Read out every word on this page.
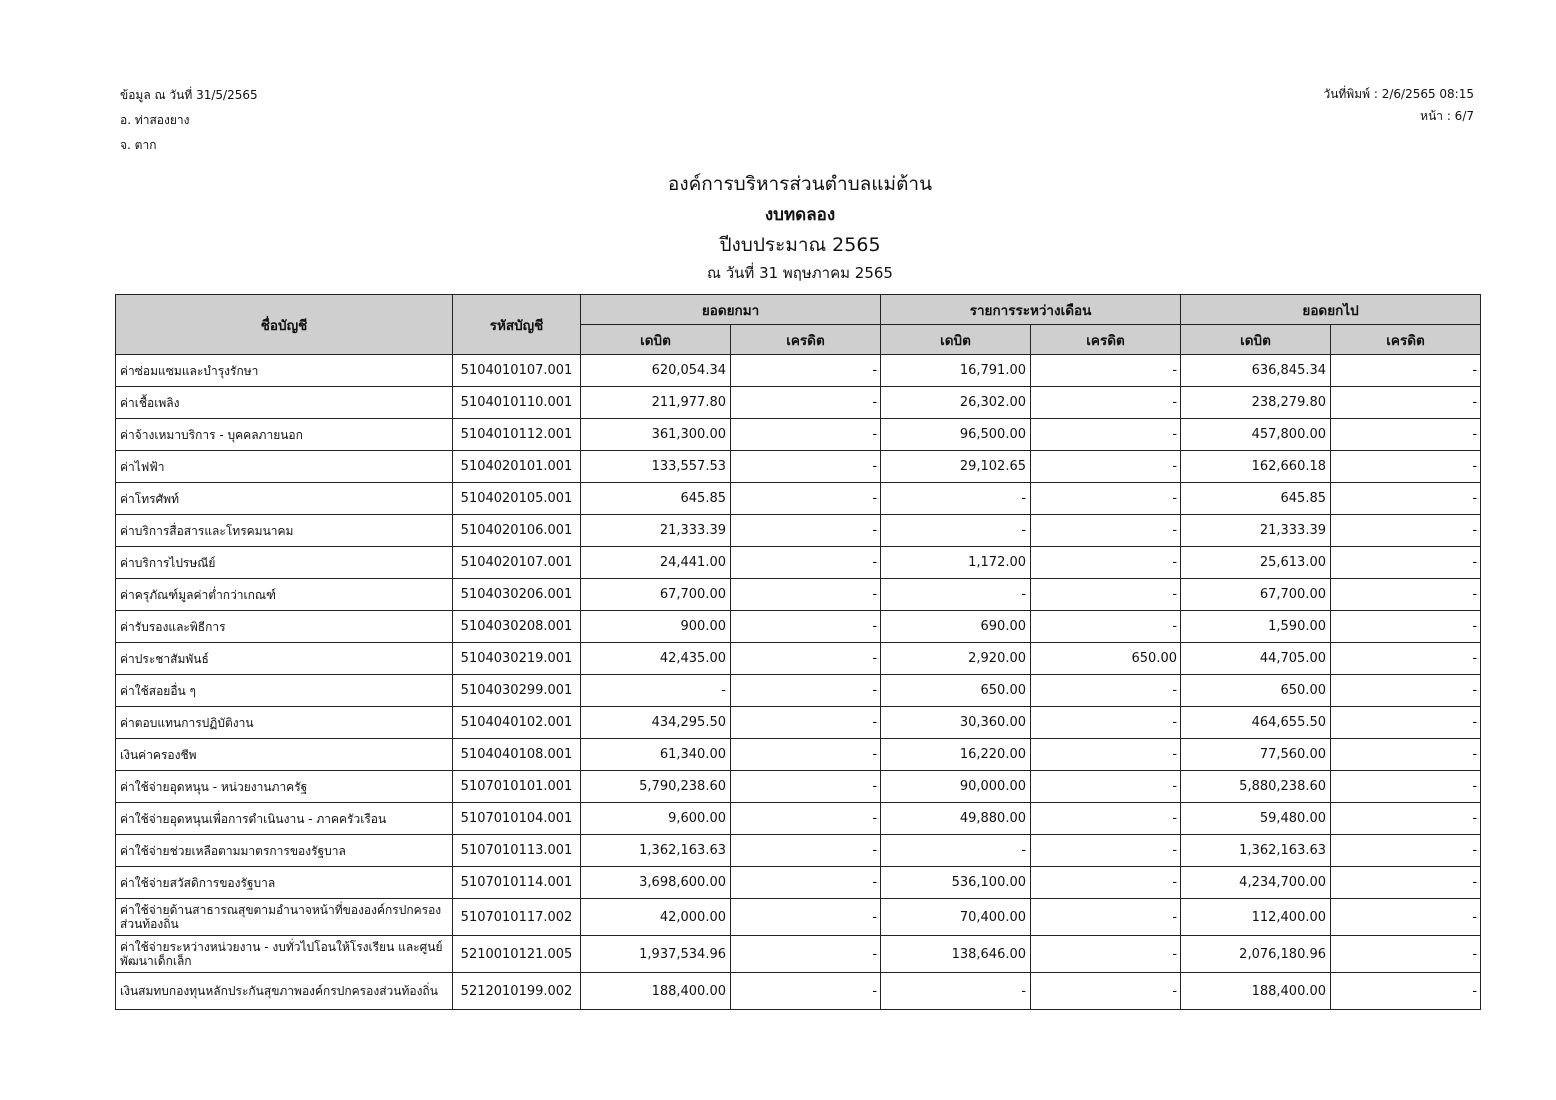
ข้อมูล ณ วันที่ 31/5/2565
อ. ท่าสองยาง
จ. ตาก
วันที่พิมพ์ : 2/6/2565 08:15
หน้า : 6/7
องค์การบริหารส่วนตำบลแม่ต้าน
งบทดลอง
ปีงบประมาณ 2565
ณ วันที่ 31 พฤษภาคม 2565
ชื่อบัญชี	รหัสบัญชี	ยอดยกมา		รายการระหว่างเดือน		ยอดยกไป	
		เดบิต	เครดิต	เดบิต	เครดิต	เดบิต	เครดิต
ค่าซ่อมแซมและบำรุงรักษา	5104010107.001	620,054.34	-	16,791.00	-	636,845.34	-
ค่าเชื้อเพลิง	5104010110.001	211,977.80	-	26,302.00	-	238,279.80	-
ค่าจ้างเหมาบริการ - บุคคลภายนอก	5104010112.001	361,300.00	-	96,500.00	-	457,800.00	-
ค่าไฟฟ้า	5104020101.001	133,557.53	-	29,102.65	-	162,660.18	-
ค่าโทรศัพท์	5104020105.001	645.85	-	-	-	645.85	-
ค่าบริการสื่อสารและโทรคมนาคม	5104020106.001	21,333.39	-	-	-	21,333.39	-
ค่าบริการไปรษณีย์	5104020107.001	24,441.00	-	1,172.00	-	25,613.00	-
ค่าครุภัณฑ์มูลค่าต่ำกว่าเกณฑ์	5104030206.001	67,700.00	-	-	-	67,700.00	-
ค่ารับรองและพิธีการ	5104030208.001	900.00	-	690.00	-	1,590.00	-
ค่าประชาสัมพันธ์	5104030219.001	42,435.00	-	2,920.00	650.00	44,705.00	-
ค่าใช้สอยอื่น ๆ	5104030299.001	-	-	650.00	-	650.00	-
ค่าตอบแทนการปฏิบัติงาน	5104040102.001	434,295.50	-	30,360.00	-	464,655.50	-
เงินค่าครองชีพ	5104040108.001	61,340.00	-	16,220.00	-	77,560.00	-
ค่าใช้จ่ายอุดหนุน - หน่วยงานภาครัฐ	5107010101.001	5,790,238.60	-	90,000.00	-	5,880,238.60	-
ค่าใช้จ่ายอุดหนุนเพื่อการดำเนินงาน - ภาคครัวเรือน	5107010104.001	9,600.00	-	49,880.00	-	59,480.00	-
ค่าใช้จ่ายช่วยเหลือตามมาตรการของรัฐบาล	5107010113.001	1,362,163.63	-	-	-	1,362,163.63	-
ค่าใช้จ่ายสวัสดิการของรัฐบาล	5107010114.001	3,698,600.00	-	536,100.00	-	4,234,700.00	-
ค่าใช้จ่ายด้านสาธารณสุขตามอำนาจหน้าที่ขององค์กรปกครองส่วนท้องถิ่น	5107010117.002	42,000.00	-	70,400.00	-	112,400.00	-
ค่าใช้จ่ายระหว่างหน่วยงาน - งบทั่วไปโอนให้โรงเรียน และศูนย์พัฒนาเด็กเล็ก	5210010121.005	1,937,534.96	-	138,646.00	-	2,076,180.96	-
เงินสมทบกองทุนหลักประกันสุขภาพองค์กรปกครองส่วนท้องถิ่น	5212010199.002	188,400.00	-	-	-	188,400.00	-
